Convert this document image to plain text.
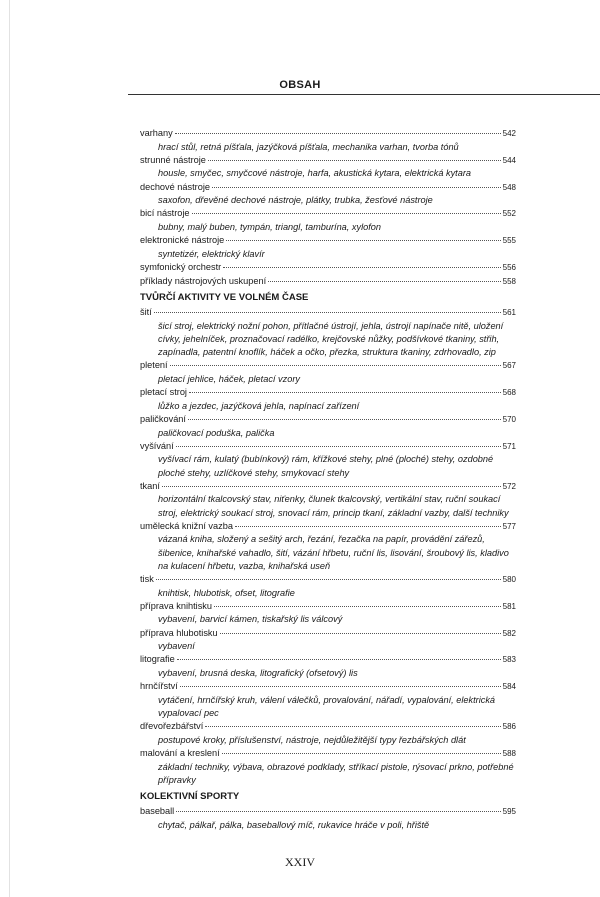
OBSAH
varhany	542
hrací stůl, retná píšťala, jazýčková píšťala, mechanika varhan, tvorba tónů
strunné nástroje	544
housle, smyčec, smyčcové nástroje, harfa, akustická kytara, elektrická kytara
dechové nástroje	548
saxofon, dřevěné dechové nástroje, plátky, trubka, žesťové nástroje
bicí nástroje	552
bubny, malý buben, tympán, triangl, tamburína, xylofon
elektronické nástroje	555
syntetizér, elektrický klavír
symfonický orchestr	556
příklady nástrojových uskupení	558
TVŮRČÍ AKTIVITY VE VOLNÉM ČASE
šití	561
šicí stroj, elektrický nožní pohon, přítlačné ústrojí, jehla, ústrojí napínače nitě, uložení cívky, jehelníček, proznačovací radélko, krejčovské nůžky, podšívkové tkaniny, střih, zapínadla, patentní knoflík, háček a očko, přezka, struktura tkaniny, zdrhovadlo, zip
pletení	567
pletací jehlice, háček, pletací vzory
pletací stroj	568
lůžko a jezdec, jazýčková jehla, napínací zařízení
paličkování	570
paličkovací poduška, palička
vyšívání	571
vyšívací rám, kulatý (bubínkový) rám, křížkové stehy, plné (ploché) stehy, ozdobné ploché stehy, uzlíčkové stehy, smykovací stehy
tkaní	572
horizontální tkalcovský stav, niťenky, člunek tkalcovský, vertikální stav, ruční soukací stroj, elektrický soukací stroj, snovací rám, princip tkaní, základní vazby, další techniky
umělecká knižní vazba	577
vázaná kniha, složený a sešitý arch, řezání, řezačka na papír, provádění zářezů, šibenice, knihařské vahadlo, šití, vázání hřbetu, ruční lis, lisování, šroubový lis, kladivo na kulacení hřbetu, vazba, knihařská useň
tisk	580
knihtisk, hlubotisk, ofset, litografie
příprava knihtisku	581
vybavení, barvicí kámen, tiskařský lis válcový
příprava hlubotisku	582
vybavení
litografie	583
vybavení, brusná deska, litografický (ofsetový) lis
hrnčířství	584
vytáčení, hrnčířský kruh, válení válečků, provalování, nářadí, vypalování, elektrická vypalovací pec
dřevořezbářství	586
postupové kroky, příslušenství, nástroje, nejdůležitější typy řezbářských dlát
malování a kreslení	588
základní techniky, výbava, obrazové podklady, stříkací pistole, rýsovací prkno, potřebné přípravky
KOLEKTIVNÍ SPORTY
baseball	595
chytač, pálkař, pálka, baseballový míč, rukavice hráče v poli, hřiště
XXIV
